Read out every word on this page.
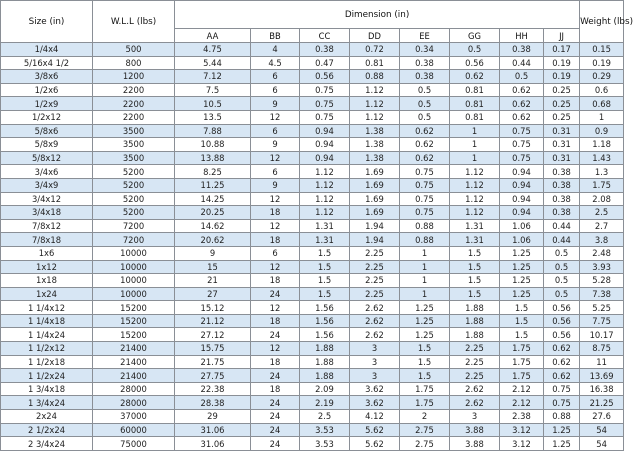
Size (in)	W.L.L (lbs)	Dimension (in)								Weight (lbs)
		AA	BB	CC	DD	EE	GG	HH	JJ	
1/4x4	500	4.75	4	0.38	0.72	0.34	0.5	0.38	0.17	0.15
5/16x4 1/2	800	5.44	4.5	0.47	0.81	0.38	0.56	0.44	0.19	0.19
3/8x6	1200	7.12	6	0.56	0.88	0.38	0.62	0.5	0.19	0.29
1/2x6	2200	7.5	6	0.75	1.12	0.5	0.81	0.62	0.25	0.6
1/2x9	2200	10.5	9	0.75	1.12	0.5	0.81	0.62	0.25	0.68
1/2x12	2200	13.5	12	0.75	1.12	0.5	0.81	0.62	0.25	1
5/8x6	3500	7.88	6	0.94	1.38	0.62	1	0.75	0.31	0.9
5/8x9	3500	10.88	9	0.94	1.38	0.62	1	0.75	0.31	1.18
5/8x12	3500	13.88	12	0.94	1.38	0.62	1	0.75	0.31	1.43
3/4x6	5200	8.25	6	1.12	1.69	0.75	1.12	0.94	0.38	1.3
3/4x9	5200	11.25	9	1.12	1.69	0.75	1.12	0.94	0.38	1.75
3/4x12	5200	14.25	12	1.12	1.69	0.75	1.12	0.94	0.38	2.08
3/4x18	5200	20.25	18	1.12	1.69	0.75	1.12	0.94	0.38	2.5
7/8x12	7200	14.62	12	1.31	1.94	0.88	1.31	1.06	0.44	2.7
7/8x18	7200	20.62	18	1.31	1.94	0.88	1.31	1.06	0.44	3.8
1x6	10000	9	6	1.5	2.25	1	1.5	1.25	0.5	2.48
1x12	10000	15	12	1.5	2.25	1	1.5	1.25	0.5	3.93
1x18	10000	21	18	1.5	2.25	1	1.5	1.25	0.5	5.28
1x24	10000	27	24	1.5	2.25	1	1.5	1.25	0.5	7.38
1 1/4x12	15200	15.12	12	1.56	2.62	1.25	1.88	1.5	0.56	5.25
1 1/4x18	15200	21.12	18	1.56	2.62	1.25	1.88	1.5	0.56	7.75
1 1/4x24	15200	27.12	24	1.56	2.62	1.25	1.88	1.5	0.56	10.17
1 1/2x12	21400	15.75	12	1.88	3	1.5	2.25	1.75	0.62	8.75
1 1/2x18	21400	21.75	18	1.88	3	1.5	2.25	1.75	0.62	11
1 1/2x24	21400	27.75	24	1.88	3	1.5	2.25	1.75	0.62	13.69
1 3/4x18	28000	22.38	18	2.09	3.62	1.75	2.62	2.12	0.75	16.38
1 3/4x24	28000	28.38	24	2.19	3.62	1.75	2.62	2.12	0.75	21.25
2x24	37000	29	24	2.5	4.12	2	3	2.38	0.88	27.6
2 1/2x24	60000	31.06	24	3.53	5.62	2.75	3.88	3.12	1.25	54
2 3/4x24	75000	31.06	24	3.53	5.62	2.75	3.88	3.12	1.25	54
